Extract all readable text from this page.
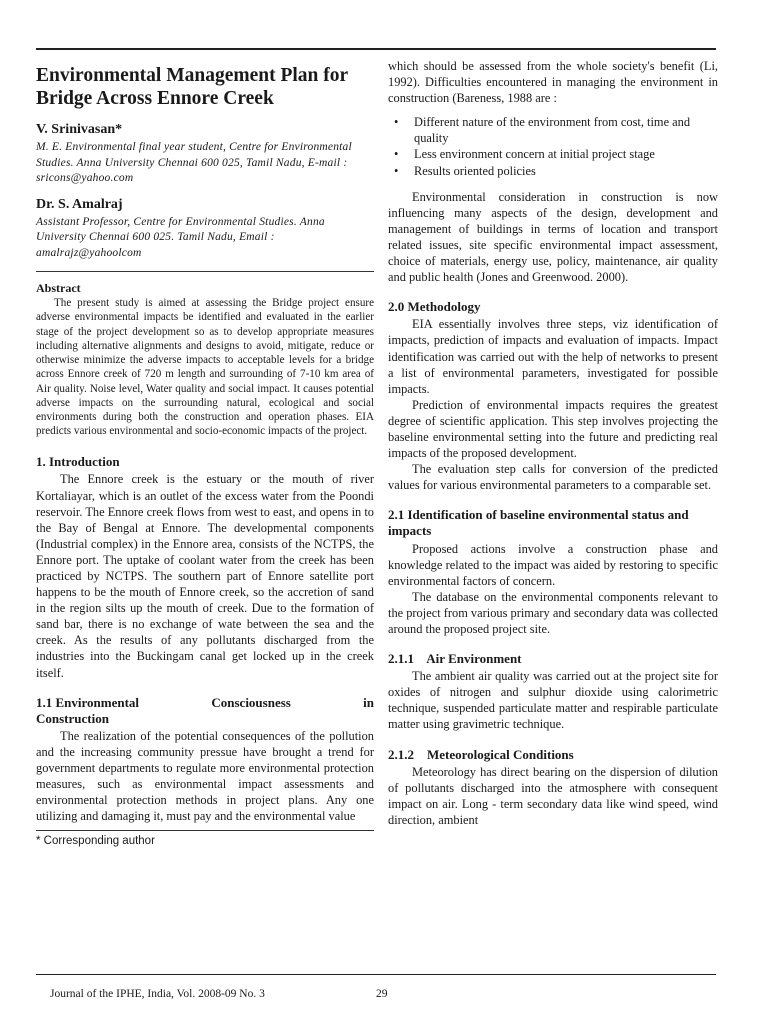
Environmental Management Plan for Bridge Across Ennore Creek
V. Srinivasan*
M. E. Environmental final year student, Centre for Environmental Studies. Anna University Chennai 600 025, Tamil Nadu, E-mail : sricons@yahoo.com
Dr. S. Amalraj
Assistant Professor, Centre for Environmental Studies. Anna University Chennai 600 025. Tamil Nadu, Email : amalrajz@yahoolcom
Abstract

The present study is aimed at assessing the Bridge project ensure adverse environmental impacts be identified and evaluated in the earlier stage of the project development so as to develop appropriate measures including alternative alignments and designs to avoid, mitigate, reduce or otherwise minimize the adverse impacts to acceptable levels for a bridge across Ennore creek of 720 m length and surrounding of 7-10 km area of Air quality. Noise level, Water quality and social impact. It causes potential adverse impacts on the surrounding natural, ecological and social environments during both the construction and operation phases. EIA predicts various environmental and socio-economic impacts of the project.

1. Introduction

The Ennore creek is the estuary or the mouth of river Kortaliayar, which is an outlet of the excess water from the Poondi reservoir. The Ennore creek flows from west to east, and opens in to the Bay of Bengal at Ennore. The developmental components (Industrial complex) in the Ennore area, consists of the NCTPS, the Ennore port. The uptake of coolant water from the creek has been practiced by NCTPS. The southern part of Ennore satellite port happens to be the mouth of Ennore creek, so the accretion of sand in the region silts up the mouth of creek. Due to the formation of sand bar, there is no exchange of wate between the sea and the creek. As the results of any pollutants discharged from the industries into the Buckingam canal get locked up in the creek itself.

1.1 Environmental	Consciousness	in
Construction

The realization of the potential consequences of the pollution and the increasing community pressue have brought a trend for government departments to regulate more environmental protection measures, such as environmental impact assessments and environmental protection methods in project plans. Any one utilizing and damaging it, must pay and the environmental value

* Corresponding author

which should be assessed from the whole society's benefit (Li, 1992). Difficulties encountered in managing the environment in construction (Bareness, 1988 are :

• Different nature of the environment from cost, time and quality
• Less environment concern at initial project stage
• Results oriented policies

Environmental consideration in construction is now influencing many aspects of the design, development and management of buildings in terms of location and transport related issues, site specific environmental impact assessment, choice of materials, energy use, policy, maintenance, air quality and public health (Jones and Greenwood. 2000).

2.0 Methodology

EIA essentially involves three steps, viz identification of impacts, prediction of impacts and evaluation of impacts. Impact identification was carried out with the help of networks to present a list of environmental parameters, investigated for possible impacts.

Prediction of environmental impacts requires the greatest degree of scientific application. This step involves projecting the baseline environmental setting into the future and predicting real impacts of the proposed development.

The evaluation step calls for conversion of the predicted values for various environmental parameters to a comparable set.

2.1 Identification of baseline environmental status and impacts

Proposed actions involve a construction phase and knowledge related to the impact was aided by restoring to specific environmental factors of concern.

The database on the environmental components relevant to the project from various primary and secondary data was collected around the proposed project site.

2.1.1    Air Environment

The ambient air quality was carried out at the project site for oxides of nitrogen and sulphur dioxide using calorimetric technique, suspended particulate matter and respirable particulate matter using gravimetric technique.

2.1.2    Meteorological Conditions

Meteorology has direct bearing on the dispersion of dilution of pollutants discharged into the atmosphere with consequent impact on air. Long - term secondary data like wind speed, wind direction, ambient

Journal of the IPHE, India, Vol. 2008-09 No. 3	29
